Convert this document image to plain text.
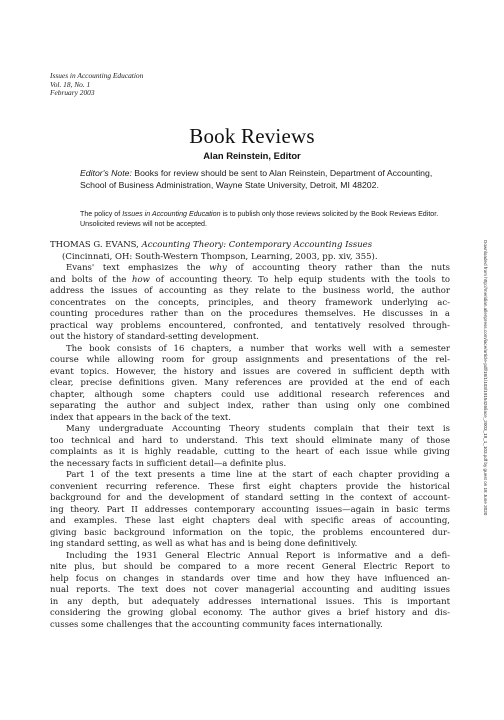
Issues in Accounting Education
Vol. 18, No. 1
February 2003
Book Reviews
Alan Reinstein, Editor
Editor's Note: Books for review should be sent to Alan Reinstein, Department of Accounting, School of Business Administration, Wayne State University, Detroit, MI 48202.
The policy of Issues in Accounting Education is to publish only those reviews solicited by the Book Reviews Editor. Unsolicited reviews will not be accepted.
Downloaded from http://meridian.allenpress.com/iace/article-pdf/18/1/103/1915426/iace_2003_18_1_103.pdf by guest on 18 June 2020
THOMAS G. EVANS, Accounting Theory: Contemporary Accounting Issues
(Cincinnati, OH: South-Western Thompson, Learning, 2003, pp. xiv, 355).
Evans' text emphasizes the why of accounting theory rather than the nuts
and bolts of the how of accounting theory. To help equip students with the tools to
address the issues of accounting as they relate to the business world, the author
concentrates on the concepts, principles, and theory framework underlying ac-
counting procedures rather than on the procedures themselves. He discusses in a
practical way problems encountered, confronted, and tentatively resolved through-
out the history of standard-setting development.
The book consists of 16 chapters, a number that works well with a semester
course while allowing room for group assignments and presentations of the rel-
evant topics. However, the history and issues are covered in sufficient depth with
clear, precise definitions given. Many references are provided at the end of each
chapter, although some chapters could use additional research references and
separating the author and subject index, rather than using only one combined
index that appears in the back of the text.
Many undergraduate Accounting Theory students complain that their text is
too technical and hard to understand. This text should eliminate many of those
complaints as it is highly readable, cutting to the heart of each issue while giving
the necessary facts in sufficient detail—a definite plus.
Part 1 of the text presents a time line at the start of each chapter providing a
convenient recurring reference. These first eight chapters provide the historical
background for and the development of standard setting in the context of account-
ing theory. Part II addresses contemporary accounting issues—again in basic terms
and examples. These last eight chapters deal with specific areas of accounting,
giving basic background information on the topic, the problems encountered dur-
ing standard setting, as well as what has and is being done definitively.
Including the 1931 General Electric Annual Report is informative and a defi-
nite plus, but should be compared to a more recent General Electric Report to
help focus on changes in standards over time and how they have influenced an-
nual reports. The text does not cover managerial accounting and auditing issues
in any depth, but adequately addresses international issues. This is important
considering the growing global economy. The author gives a brief history and dis-
cusses some challenges that the accounting community faces internationally.
